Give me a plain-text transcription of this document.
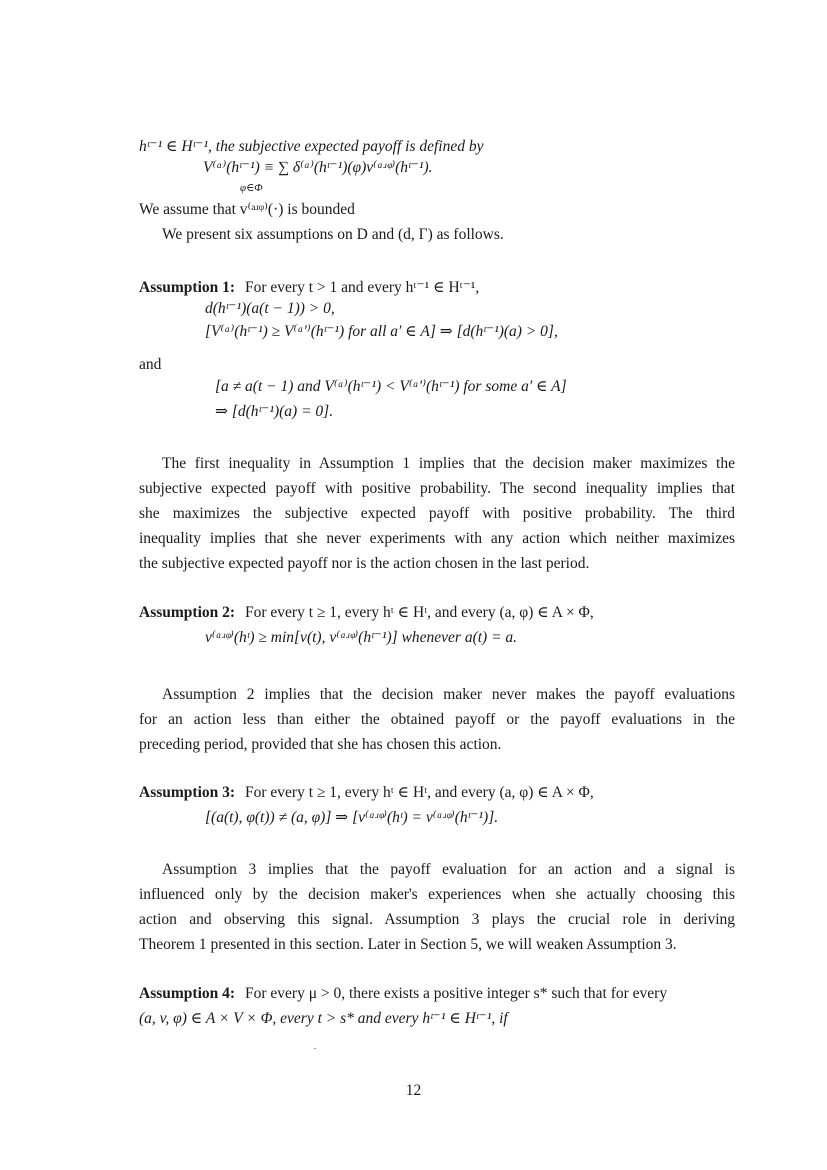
hᵗ⁻¹ ∈ Hᵗ⁻¹, the subjective expected payoff is defined by
V⁽ᵃ⁾(hᵗ⁻¹) ≡ ∑ δ⁽ᵃ⁾(hᵗ⁻¹)(φ)v⁽ᵃʴᵠ⁾(hᵗ⁻¹).
φ∈Φ
We assume that v⁽ᵃʴᵠ⁾(·) is bounded
We present six assumptions on D and (d, Γ) as follows.
Assumption 1: For every t > 1 and every hᵗ⁻¹ ∈ Hᵗ⁻¹,
d(hᵗ⁻¹)(a(t − 1)) > 0,
[V⁽ᵃ⁾(hᵗ⁻¹) ≥ V⁽ᵃ′⁾(hᵗ⁻¹) for all a′ ∈ A] ⇒ [d(hᵗ⁻¹)(a) > 0],
and
[a ≠ a(t − 1) and V⁽ᵃ⁾(hᵗ⁻¹) < V⁽ᵃ′⁾(hᵗ⁻¹) for some a′ ∈ A]
⇒ [d(hᵗ⁻¹)(a) = 0].
The first inequality in Assumption 1 implies that the decision maker maximizes the
subjective expected payoff with positive probability. The second inequality implies that
she maximizes the subjective expected payoff with positive probability. The third
inequality implies that she never experiments with any action which neither maximizes
the subjective expected payoff nor is the action chosen in the last period.
Assumption 2: For every t ≥ 1, every hᵗ ∈ Hᵗ, and every (a, φ) ∈ A × Φ,
v⁽ᵃʴᵠ⁾(hᵗ) ≥ min[v(t), v⁽ᵃʴᵠ⁾(hᵗ⁻¹)] whenever a(t) = a.
Assumption 2 implies that the decision maker never makes the payoff evaluations
for an action less than either the obtained payoff or the payoff evaluations in the
preceding period, provided that she has chosen this action.
Assumption 3: For every t ≥ 1, every hᵗ ∈ Hᵗ, and every (a, φ) ∈ A × Φ,
[(a(t), φ(t)) ≠ (a, φ)] ⇒ [v⁽ᵃʴᵠ⁾(hᵗ) = v⁽ᵃʴᵠ⁾(hᵗ⁻¹)].
Assumption 3 implies that the payoff evaluation for an action and a signal is
influenced only by the decision maker's experiences when she actually choosing this
action and observing this signal. Assumption 3 plays the crucial role in deriving
Theorem 1 presented in this section. Later in Section 5, we will weaken Assumption 3.
Assumption 4: For every μ > 0, there exists a positive integer s* such that for every
(a, v, φ) ∈ A × V × Φ, every t > s* and every hᵗ⁻¹ ∈ Hᵗ⁻¹, if
12
